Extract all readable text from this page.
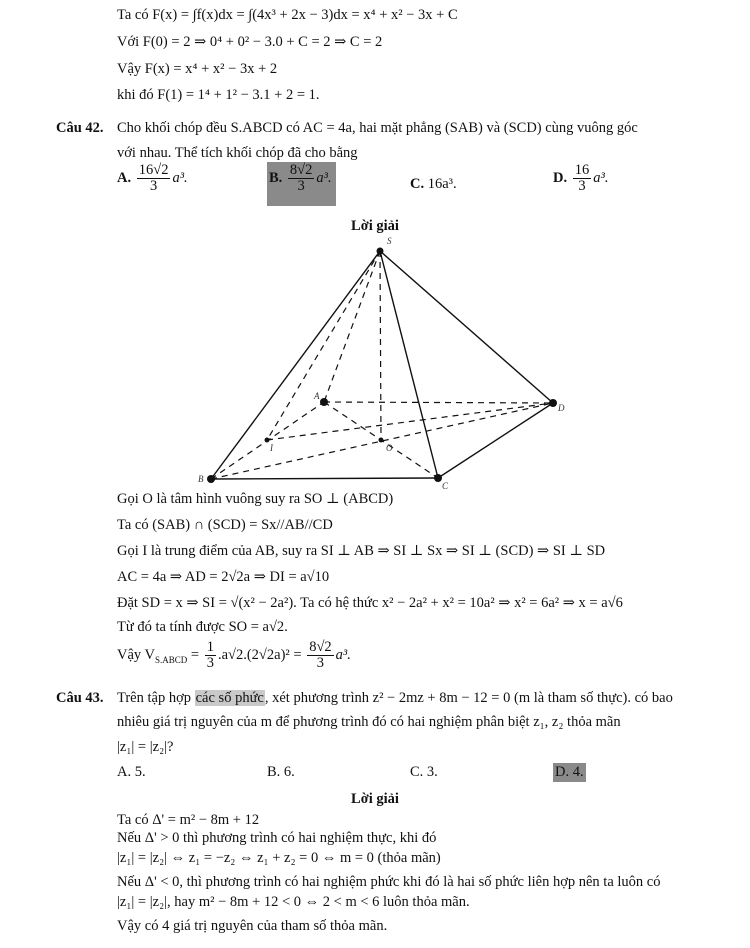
Ta có F(x) = ∫f(x)dx = ∫(4x³ + 2x − 3)dx = x⁴ + x² − 3x + C
Với F(0) = 2 ⇒ 0⁴ + 0² − 3.0 + C = 2 ⇒ C = 2
Vậy F(x) = x⁴ + x² − 3x + 2
khi đó F(1) = 1⁴ + 1² − 3.1 + 2 = 1.
Câu 42. Cho khối chóp đều S.ABCD có AC = 4a, hai mặt phẳng (SAB) và (SCD) cùng vuông góc
với nhau. Thể tích khối chóp đã cho bằng
A. $\frac{16√2}{3} a^3$.	B. $\frac{8√2}{3} a^3$.	C. 16a³.	D. $\frac{16}{3} a^3$.
Lời giải
S
A
B
C
D
I	O
Gọi O là tâm hình vuông suy ra SO ⊥ (ABCD)
Ta có (SAB) ∩ (SCD) = Sx//AB//CD
Gọi I là trung điểm của AB, suy ra SI ⊥ AB ⇒ SI ⊥ Sx ⇒ SI ⊥ (SCD) ⇒ SI ⊥ SD
AC = 4a ⇒ AD = 2√2a ⇒ DI = a√10
Đặt SD = x ⇒ SI = √(x² − 2a²). Ta có hệ thức x² − 2a² + x² = 10a² ⇒ x² = 6a² ⇒ x = a√6
Từ đó ta tính được SO = a√2.
Vậy $V_{S.ABCD} = \frac{1}{3} .a√2.(2√2a)^2 = \frac{8√2}{3} a^3$.
Câu 43. Trên tập hợp các số phức, xét phương trình z² − 2mz + 8m − 12 = 0 (m là tham số thực). có bao
nhiêu giá trị nguyên của m để phương trình đó có hai nghiệm phân biệt z₁, z₂ thỏa mãn
|z₁| = |z₂|?
A. 5.	B. 6.	C. 3.	D. 4.
Lời giải
Ta có Δ' = m² − 8m + 12
Nếu Δ' > 0 thì phương trình có hai nghiệm thực, khi đó
|z₁| = |z₂| ⇔ z₁ = −z₂ ⇔ z₁ + z₂ = 0 ⇔ m = 0 (thỏa mãn)
Nếu Δ' < 0, thì phương trình có hai nghiệm phức khi đó là hai số phức liên hợp nên ta luôn có
|z₁| = |z₂|, hay m² − 8m + 12 < 0 ⇔ 2 < m < 6 luôn thỏa mãn.
Vậy có 4 giá trị nguyên của tham số thỏa mãn.
